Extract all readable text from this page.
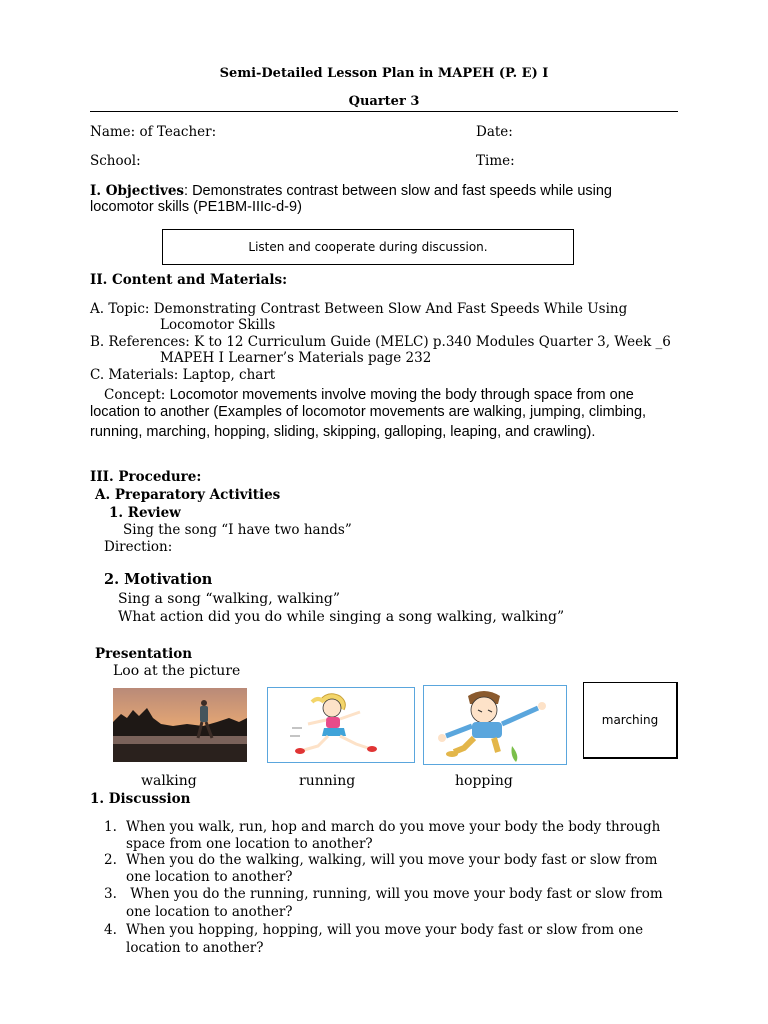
Semi-Detailed Lesson Plan in MAPEH (P. E) I
Quarter 3
Name: of Teacher:	Date:
School:	Time:
I. Objectives: Demonstrates contrast between slow and fast speeds while using
locomotor skills (PE1BM-IIIc-d-9)
Listen and cooperate during discussion.
II. Content and Materials:
A. Topic: Demonstrating Contrast Between Slow And Fast Speeds While Using
Locomotor Skills
B. References: K to 12 Curriculum Guide (MELC) p.340 Modules Quarter 3, Week _6
MAPEH I Learner’s Materials page 232
C. Materials: Laptop, chart
Concept: Locomotor movements involve moving the body through space from one
location to another (Examples of locomotor movements are walking, jumping, climbing,
running, marching, hopping, sliding, skipping, galloping, leaping, and crawling).
III. Procedure:
A. Preparatory Activities
1. Review
Sing the song “I have two hands”
Direction:
2. Motivation
Sing a song “walking, walking”
What action did you do while singing a song walking, walking”
Presentation
Loo at the picture
marching
walking	running	hopping
1. Discussion
1. When you walk, run, hop and march do you move your body the body through
space from one location to another?
2. When you do the walking, walking, will you move your body fast or slow from
one location to another?
3. When you do the running, running, will you move your body fast or slow from
one location to another?
4. When you hopping, hopping, will you move your body fast or slow from one
location to another?
